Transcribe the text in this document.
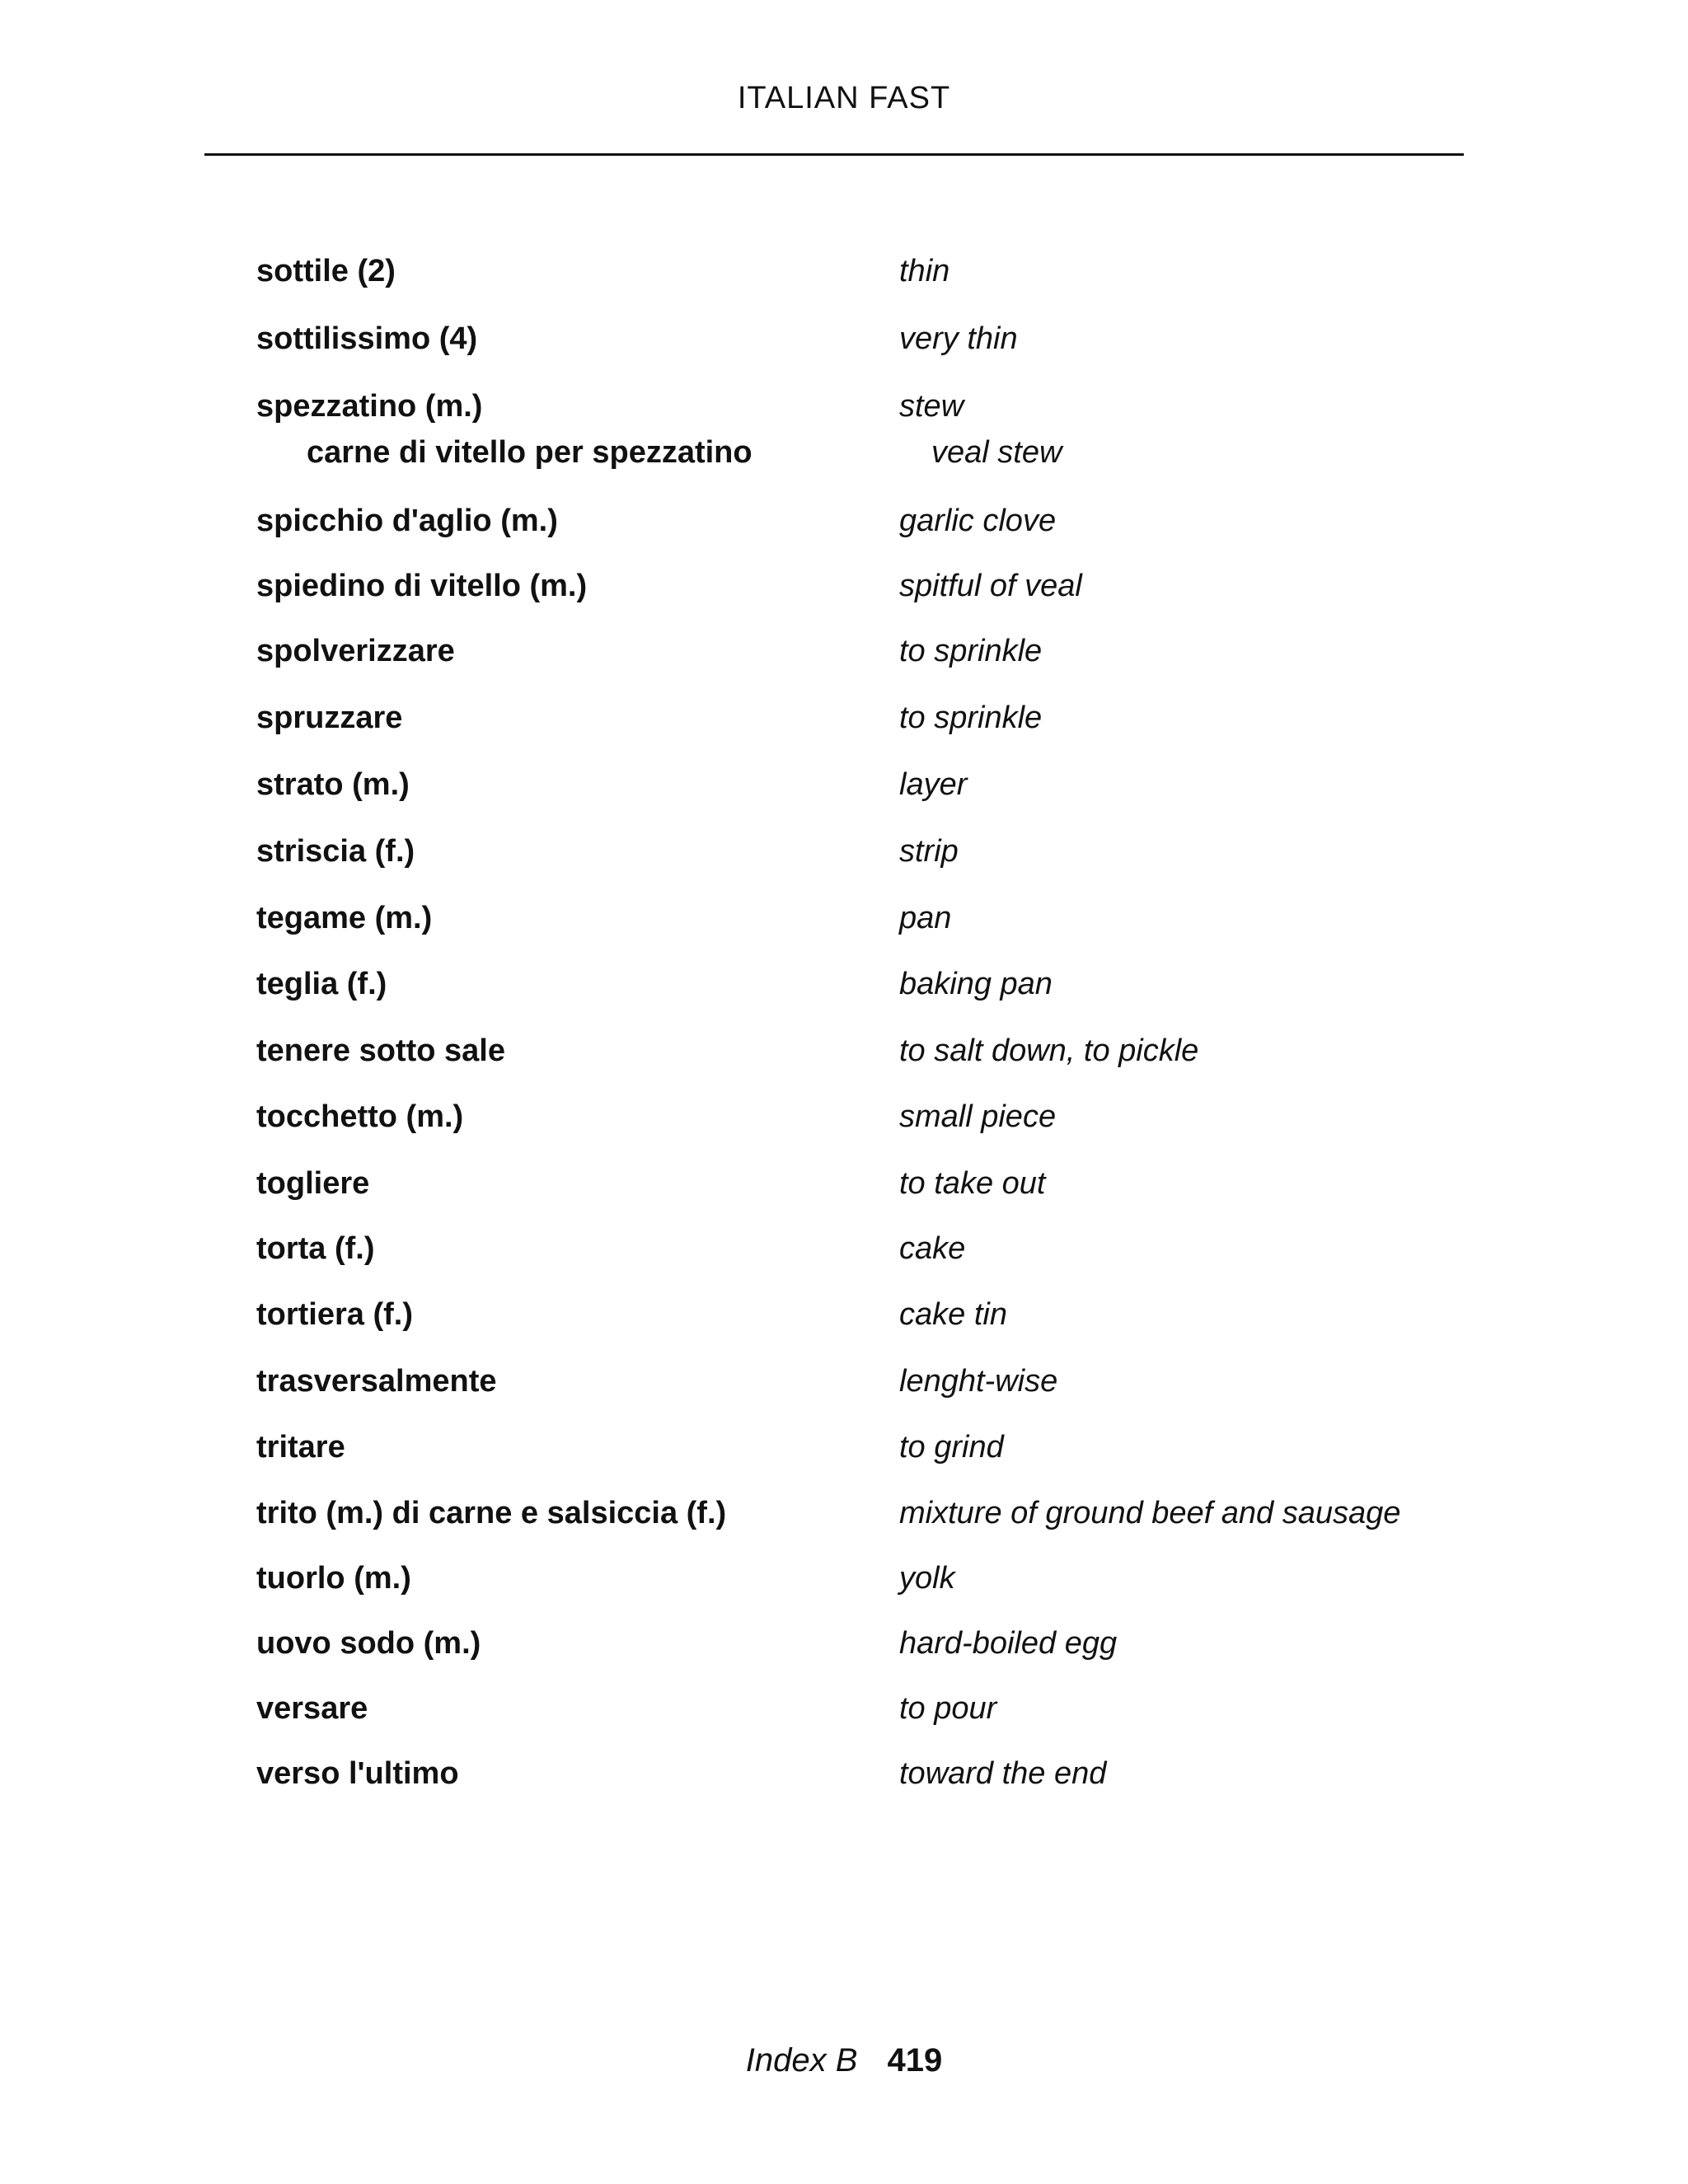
ITALIAN FAST
sottile (2)	thin
sottilissimo (4)	very thin
spezzatino (m.)	stew
carne di vitello per spezzatino	veal stew
spicchio d'aglio (m.)	garlic clove
spiedino di vitello (m.)	spitful of veal
spolverizzare	to sprinkle
spruzzare	to sprinkle
strato (m.)	layer
striscia (f.)	strip
tegame (m.)	pan
teglia (f.)	baking pan
tenere sotto sale	to salt down, to pickle
tocchetto (m.)	small piece
togliere	to take out
torta (f.)	cake
tortiera (f.)	cake tin
trasversalmente	lenght-wise
tritare	to grind
trito (m.) di carne e salsiccia (f.)	mixture of ground beef and sausage
tuorlo (m.)	yolk
uovo sodo (m.)	hard-boiled egg
versare	to pour
verso l'ultimo	toward the end
Index B 419
